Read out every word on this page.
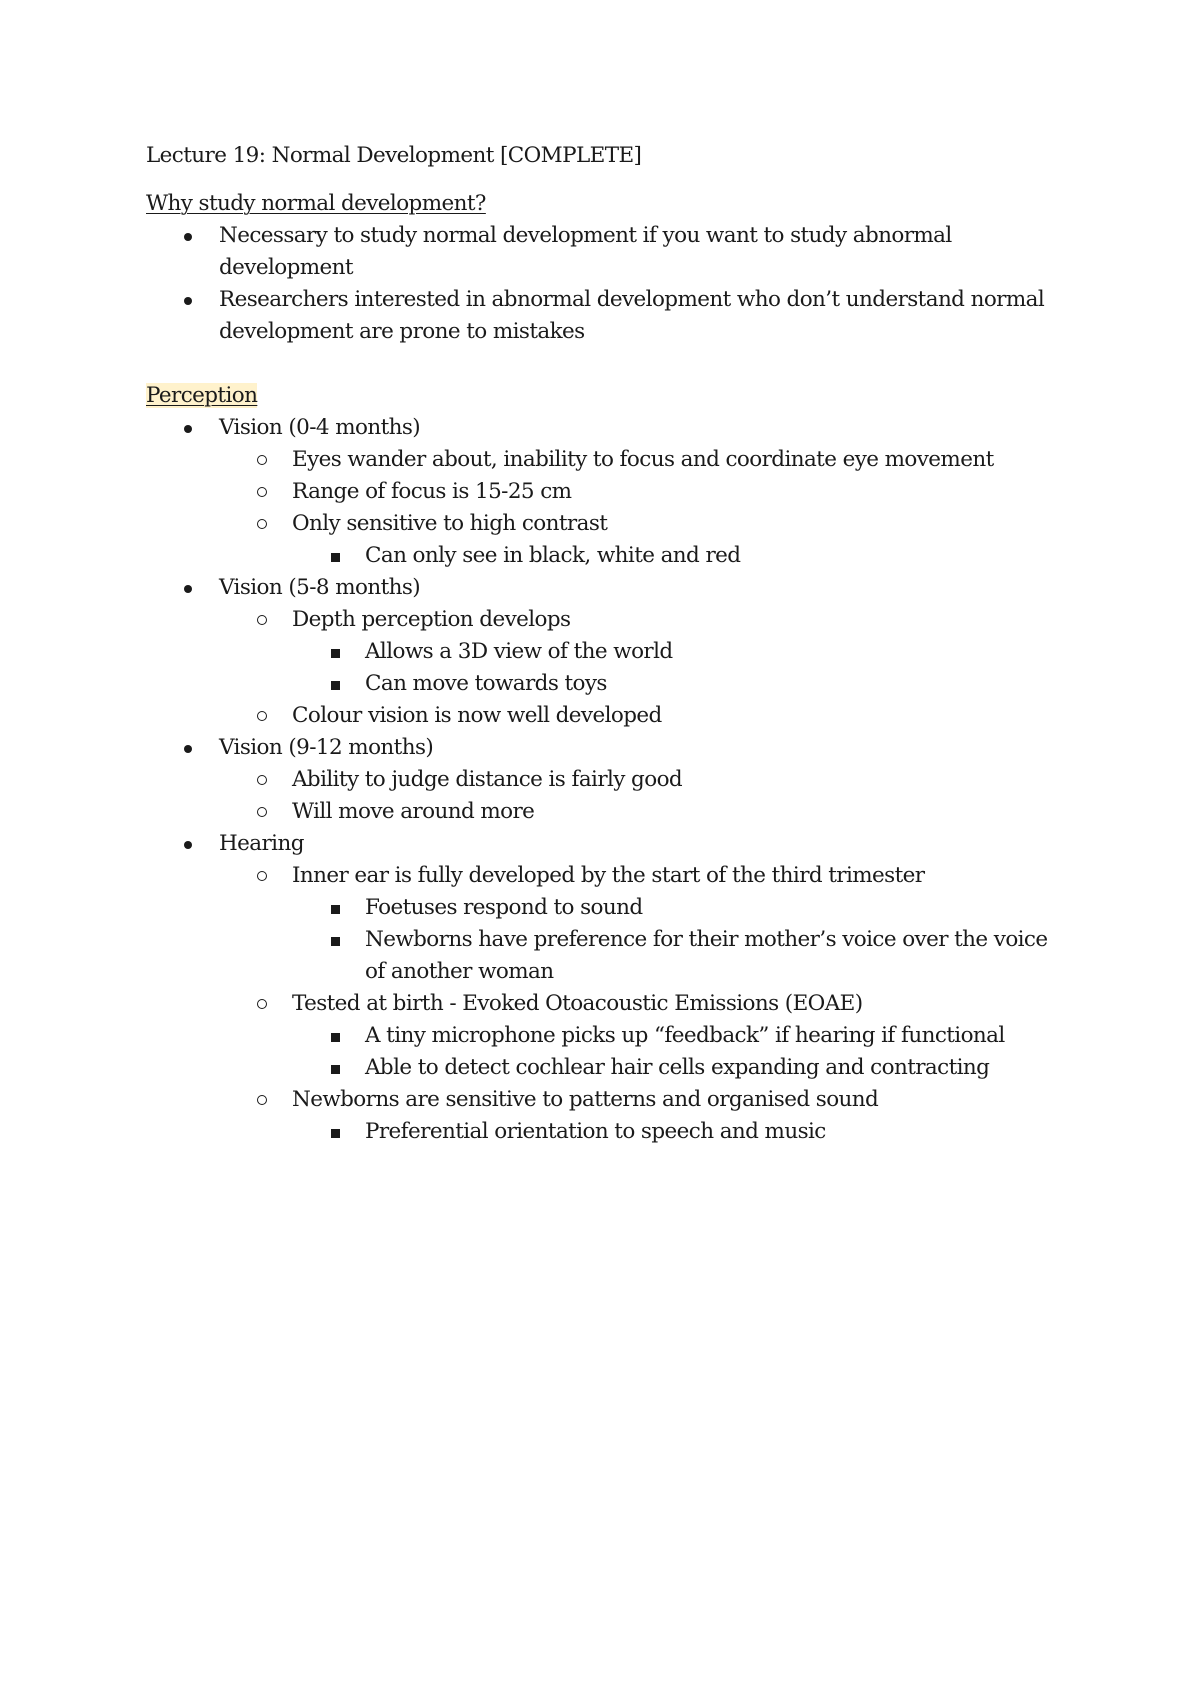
Lecture 19: Normal Development [COMPLETE]

Why study normal development?

Necessary to study normal development if you want to study abnormal development
Researchers interested in abnormal development who don’t understand normal development are prone to mistakes

Perception

Vision (0-4 months)
Eyes wander about, inability to focus and coordinate eye movement
Range of focus is 15-25 cm
Only sensitive to high contrast
Can only see in black, white and red
Vision (5-8 months)
Depth perception develops
Allows a 3D view of the world
Can move towards toys
Colour vision is now well developed
Vision (9-12 months)
Ability to judge distance is fairly good
Will move around more
Hearing
Inner ear is fully developed by the start of the third trimester
Foetuses respond to sound
Newborns have preference for their mother’s voice over the voice of another woman
Tested at birth - Evoked Otoacoustic Emissions (EOAE)
A tiny microphone picks up “feedback” if hearing if functional
Able to detect cochlear hair cells expanding and contracting
Newborns are sensitive to patterns and organised sound
Preferential orientation to speech and music
